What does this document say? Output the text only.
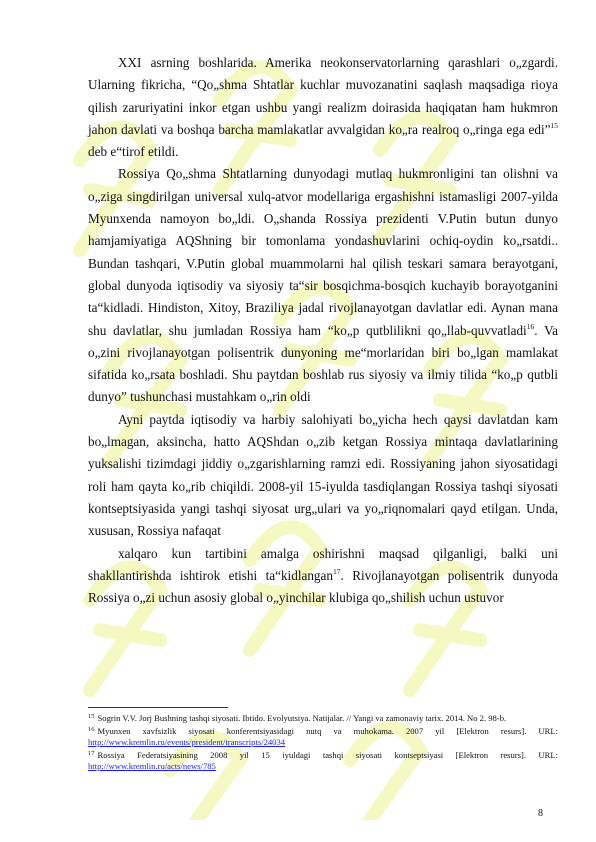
XXI asrning boshlarida. Amerika neokonservatorlarning qarashlari o„zgardi. Ularning fikricha, “Qo„shma Shtatlar kuchlar muvozanatini saqlash maqsadiga rioya qilish zaruriyatini inkor etgan ushbu yangi realizm doirasida haqiqatan ham hukmron jahon davlati va boshqa barcha mamlakatlar avvalgidan ko„ra realroq o„ringa ega edi”$^{15}$ deb e“tirof etildi.

Rossiya Qo„shma Shtatlarning dunyodagi mutlaq hukmronligini tan olishni va o„ziga singdirilgan universal xulq-atvor modellariga ergashishni istamasligi 2007-yilda Myunxenda namoyon bo„ldi. O„shanda Rossiya prezidenti V.Putin butun dunyo hamjamiyatiga AQShning bir tomonlama yondashuvlarini ochiq-oydin ko„rsatdi.. Bundan tashqari, V.Putin global muammolarni hal qilish teskari samara berayotgani, global dunyoda iqtisodiy va siyosiy ta“sir bosqichma-bosqich kuchayib borayotganini ta“kidladi. Hindiston, Xitoy, Braziliya jadal rivojlanayotgan davlatlar edi. Aynan mana shu davlatlar, shu jumladan Rossiya ham “ko„p qutblilikni qo„llab-quvvatladi$^{16}$. Va o„zini rivojlanayotgan polisentrik dunyoning me“morlaridan biri bo„lgan mamlakat sifatida ko„rsata boshladi. Shu paytdan boshlab rus siyosiy va ilmiy tilida “ko„p qutbli dunyo” tushunchasi mustahkam o„rin oldi

Ayni paytda iqtisodiy va harbiy salohiyati bo„yicha hech qaysi davlatdan kam bo„lmagan, aksincha, hatto AQShdan o„zib ketgan Rossiya mintaqa davlatlarining yuksalishi tizimdagi jiddiy o„zgarishlarning ramzi edi. Rossiyaning jahon siyosatidagi roli ham qayta ko„rib chiqildi. 2008-yil 15-iyulda tasdiqlangan Rossiya tashqi siyosati kontseptsiyasida yangi tashqi siyosat urg„ulari va yo„riqnomalari qayd etilgan. Unda, xususan, Rossiya nafaqat

xalqaro kun tartibini amalga oshirishni maqsad qilganligi, balki uni shakllantirishda ishtirok etishi ta“kidlangan$^{17}$. Rivojlanayotgan polisentrik dunyoda Rossiya o„zi uchun asosiy global o„yinchilar klubiga qo„shilish uchun ustuvor

$^{15}$ Sogrin V.V. Jorj Bushning tashqi siyosati. Ibtido. Evolyutsiya. Natijalar. // Yangi va zamonaviy tarix. 2014. No 2. 98-b.

$^{16}$ Myunxen xavfsizlik siyosati konferentsiyasidagi nutq va muhokama. 2007 yil [Elektron resurs]. URL: http://www.kremlin.ru/events/president/transcripts/24034

$^{17}$ Rossiya Federatsiyasining 2008 yil 15 iyuldagi tashqi siyosati kontseptsiyasi [Elektron resurs]. URL: http://www.kremlin.ru/acts/news/785

8
